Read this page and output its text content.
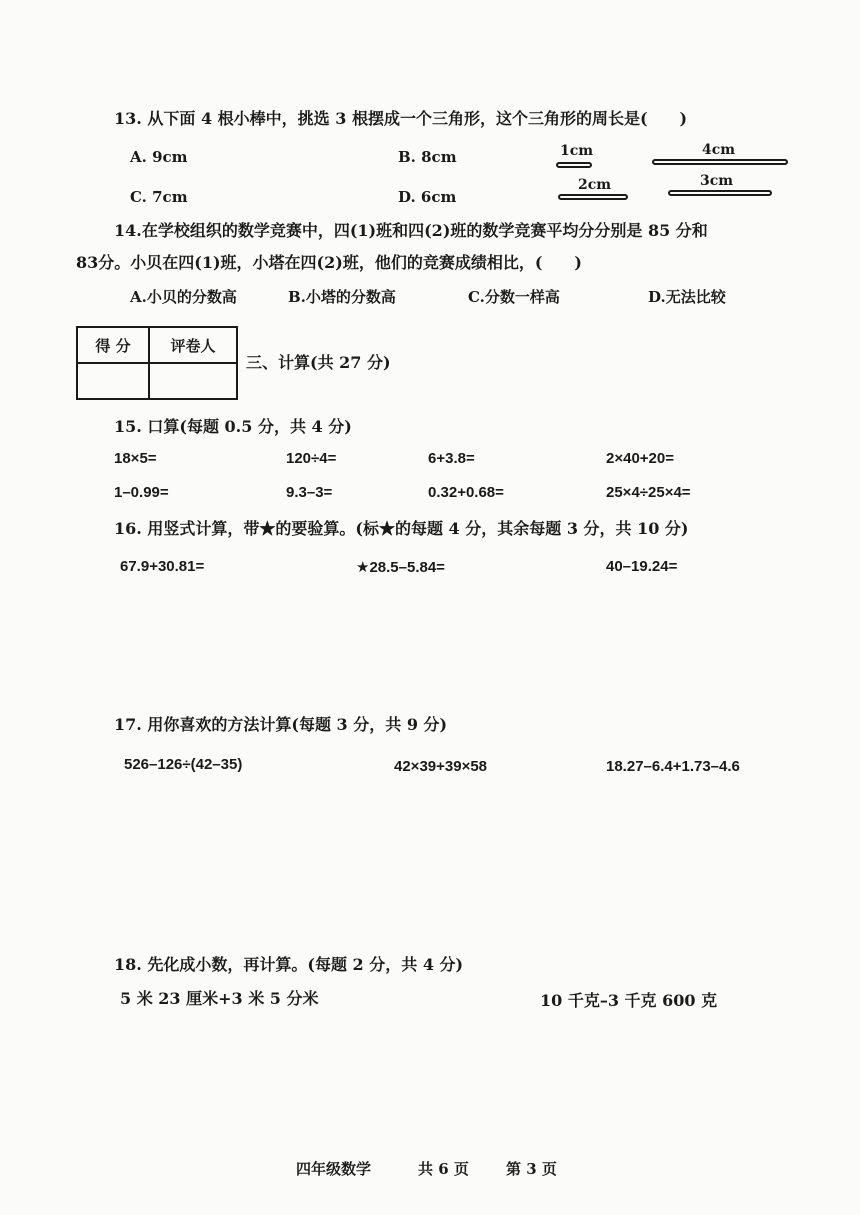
13. 从下面 4 根小棒中，挑选 3 根摆成一个三角形，这个三角形的周长是(　　)
A. 9cm	B. 8cm
C. 7cm	D. 6cm
1cm	4cm
2cm	3cm
14.在学校组织的数学竞赛中，四(1)班和四(2)班的数学竞赛平均分分别是 85 分和
83分。小贝在四(1)班，小塔在四(2)班，他们的竞赛成绩相比，(　　)
A.小贝的分数高	B.小塔的分数高	C.分数一样高	D.无法比较
得 分	评卷人

三、计算(共 27 分)
15. 口算(每题 0.5 分，共 4 分)
18×5=	120÷4=	6+3.8=	2×40+20=
1–0.99=	9.3–3=	0.32+0.68=	25×4÷25×4=
16. 用竖式计算，带★的要验算。(标★的每题 4 分，其余每题 3 分，共 10 分)
67.9+30.81=	★28.5–5.84=	40–19.24=
17. 用你喜欢的方法计算(每题 3 分，共 9 分)
526–126÷(42–35)	42×39+39×58	18.27–6.4+1.73–4.6
18. 先化成小数，再计算。(每题 2 分，共 4 分)
5 米 23 厘米+3 米 5 分米	10 千克–3 千克 600 克
四年级数学	共 6 页 第 3 页
